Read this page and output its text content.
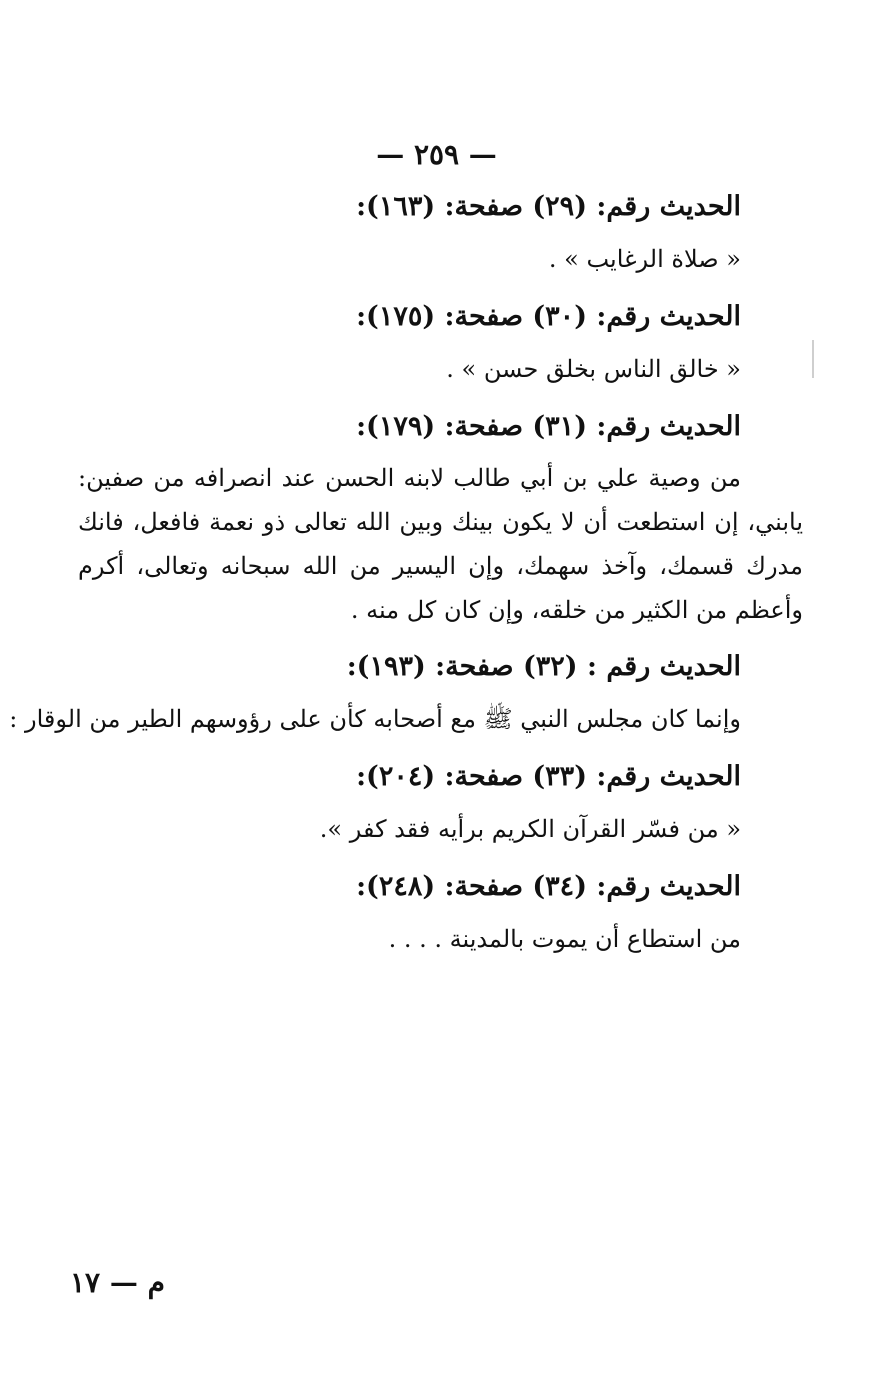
— ٢٥٩ —
الحديث رقم: (٢٩) صفحة: (١٦٣):
« صلاة الرغايب » .
الحديث رقم: (٣٠) صفحة: (١٧٥):
« خالق الناس بخلق حسن » .
الحديث رقم: (٣١) صفحة: (١٧٩):
من وصية علي بن أبي طالب لابنه الحسن عند انصرافه من صفين: يابني، إن استطعت أن لا يكون بينك وبين الله تعالى ذو نعمة فافعل، فانك مدرك قسمك، وآخذ سهمك، وإن اليسير من الله سبحانه وتعالى، أكرم وأعظم من الكثير من خلقه، وإن كان كل منه .
الحديث رقم : (٣٢) صفحة: (١٩٣):
وإنما كان مجلس النبي ﷺ مع أصحابه كأن على رؤوسهم الطير من الوقار :
الحديث رقم: (٣٣) صفحة: (٢٠٤):
« من فسّر القرآن الكريم برأيه فقد كفر ».
الحديث رقم: (٣٤) صفحة: (٢٤٨):
من استطاع أن يموت بالمدينة . . . .
م — ١٧
